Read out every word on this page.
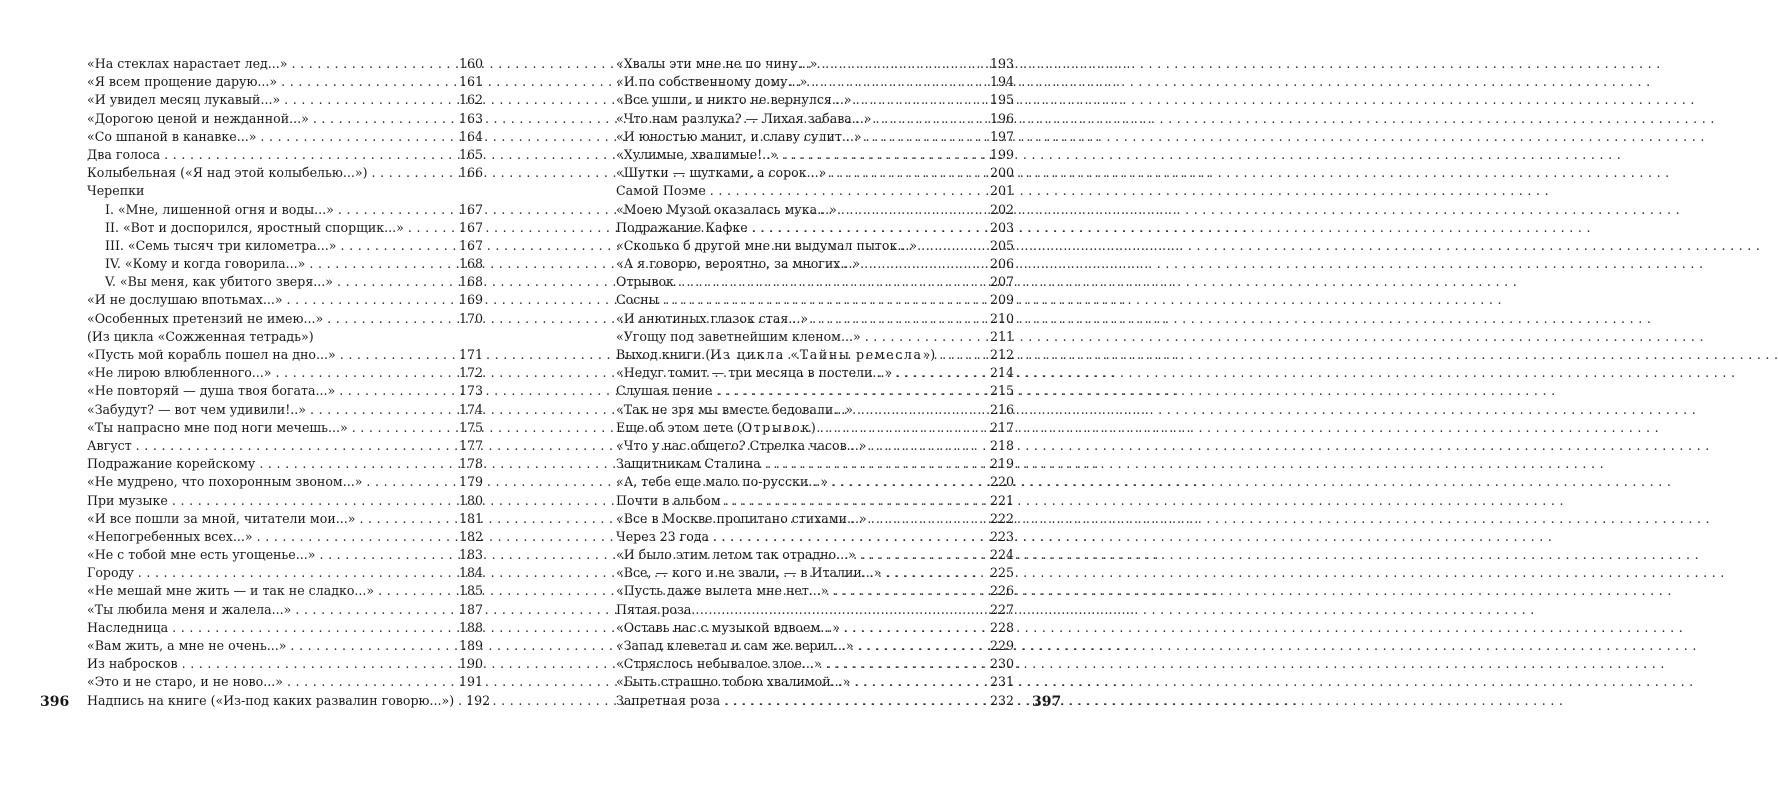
«На стеклах нарастает лед...» . . .	160
«Я всем прощение дарую...» . . .	161
«И увидел месяц лукавый...» . . .	162
«Дорогою ценой и нежданной...» . . .	163
«Со шпаной в канавке...» . . .	164
Два голоса . . .	165
Колыбельная («Я над этой колыбелью...») . . .	166
Черепки
I. «Мне, лишенной огня и воды...» . . .	167
II. «Вот и доспорился, яростный спорщик...» . . .	167
III. «Семь тысяч три километра...» . . .	167
IV. «Кому и когда говорила...» . . .	168
V. «Вы меня, как убитого зверя...» . . .	168
«И не дослушаю впотьмах...» . . .	169
«Особенных претензий не имею...» . . .	170
(Из цикла «Сожженная тетрадь»)
«Пусть мой корабль пошел на дно...» . . .	171
«Не лирою влюбленного...» . . .	172
«Не повторяй — душа твоя богата...» . . .	173
«Забудут? — вот чем удивили!..» . . .	174
«Ты напрасно мне под ноги мечешь...» . . .	175
Август . . .	177
Подражание корейскому . . .	178
«Не мудрено, что похоронным звоном...» . . .	179
При музыке . . .	180
«И все пошли за мной, читатели мои...» . . .	181
«Непогребенных всех...» . . .	182
«Не с тобой мне есть угощенье...» . . .	183
Городу . . .	184
«Не мешай мне жить — и так не сладко...» . . .	185
«Ты любила меня и жалела...» . . .	187
Наследница . . .	188
«Вам жить, а мне не очень...» . . .	189
Из набросков . . .	190
«Это и не старо, и не ново...» . . .	191
Надпись на книге («Из-под каких развалин говорю...») . . . 192
396
«Хвалы эти мне не по чину...» . . .	193
«И по собственному дому...» . . .	194
«Все ушли, и никто не вернулся...» . . .	195
«Что нам разлука? — Лихая забава...» . . .	196
«И юностью манит, и славу сулит...» . . .	197
«Хулимые, хвалимые!..» . . .	199
«Шутки — шутками, а сорок...» . . .	200
Самой Поэме . . .	201
«Моею Музой оказалась мука...» . . .	202
Подражание Кафке . . .	203
«Сколько б другой мне ни выдумал пыток...» . . .	205
«А я говорю, вероятно, за многих...» . . .	206
Отрывок . . .	207
Сосны . . .	209
«И анютиных глазок стая...» . . .	210
«Угощу под заветнейшим кленом...» . . .	211
Выход книги (Из цикла «Тайны ремесла») . . .	212
«Недуг томит — три месяца в постели...» . . .	214
Слушая пение . . .	215
«Так не зря мы вместе бедовали...» . . .	216
Еще об этом лете (Отрывок) . . .	217
«Что у нас общего? Стрелка часов...» . . .	218
Защитникам Сталина . . .	219
«А, тебе еще мало по-русски...» . . .	220
Почти в альбом . . .	221
«Все в Москве пропитано стихами...» . . .	222
Через 23 года . . .	223
«И было этим летом так отрадно...» . . .	224
«Все, — кого и не звали, — в Италии...» . . .	225
«Пусть даже вылета мне нет...» . . .	226
Пятая роза . . .	227
«Оставь нас с музыкой вдвоем...» . . .	228
«Запад клеветал и сам же верил...» . . .	229
«Стряслось небывалое злое...» . . .	230
«Быть страшно тобою хвалимой...» . . .	231
Запретная роза . . .	232 397
